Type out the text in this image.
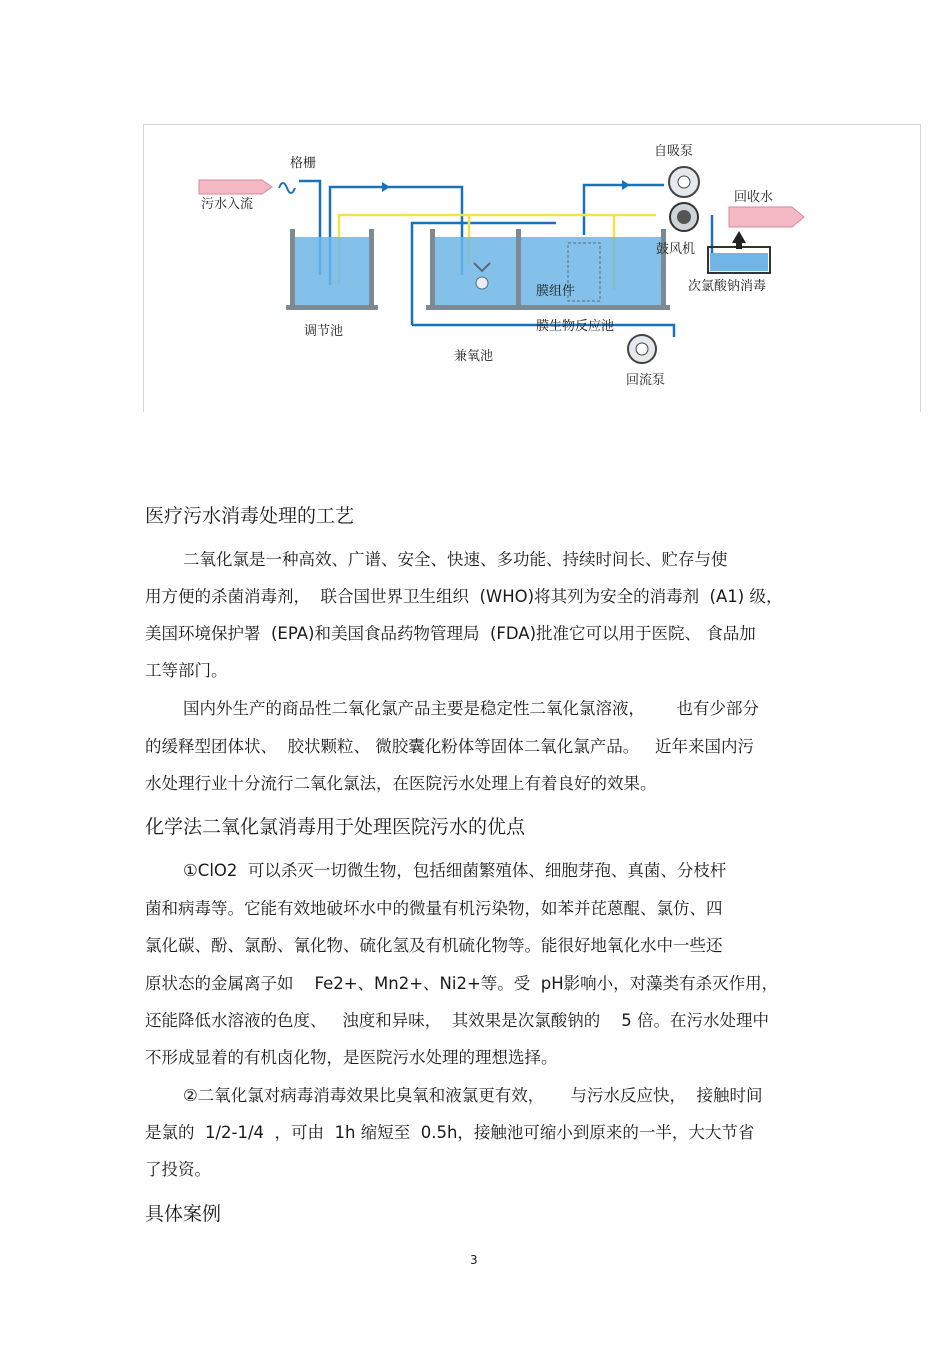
格栅
污水入流
自吸泵
回收水
鼓风机
次氯酸钠消毒
膜组件
调节池	膜生物反应池
兼氧池
回流泵
医疗污水消毒处理的工艺
二氧化氯是一种高效、广谱、安全、快速、多功能、持续时间长、贮存与使
用方便的杀菌消毒剂，  联合国世界卫生组织  (WHO)将其列为安全的消毒剂  (A1) 级，
美国环境保护署  (EPA)和美国食品药物管理局  (FDA)批准它可以用于医院、 食品加
工等部门。
国内外生产的商品性二氧化氯产品主要是稳定性二氧化氯溶液，      也有少部分
的缓释型团体状、  胶状颗粒、 微胶囊化粉体等固体二氧化氯产品。   近年来国内污
水处理行业十分流行二氧化氯法，在医院污水处理上有着良好的效果。
化学法二氧化氯消毒用于处理医院污水的优点
①ClO2  可以杀灭一切微生物，包括细菌繁殖体、细胞芽孢、真菌、分枝杆
菌和病毒等。它能有效地破坏水中的微量有机污染物，如苯并芘蒽醌、氯仿、四
氯化碳、酚、氯酚、氰化物、硫化氢及有机硫化物等。能很好地氧化水中一些还
原状态的金属离子如    Fe2+、Mn2+、Ni2+等。受  pH影响小，对藻类有杀灭作用，
还能降低水溶液的色度、   浊度和异味，  其效果是次氯酸钠的    5 倍。在污水处理中
不形成显着的有机卤化物，是医院污水处理的理想选择。
②二氧化氯对病毒消毒效果比臭氧和液氯更有效，     与污水反应快，  接触时间
是氯的  1/2-1/4  ，可由  1h 缩短至  0.5h，接触池可缩小到原来的一半，大大节省
了投资。
具体案例
3
